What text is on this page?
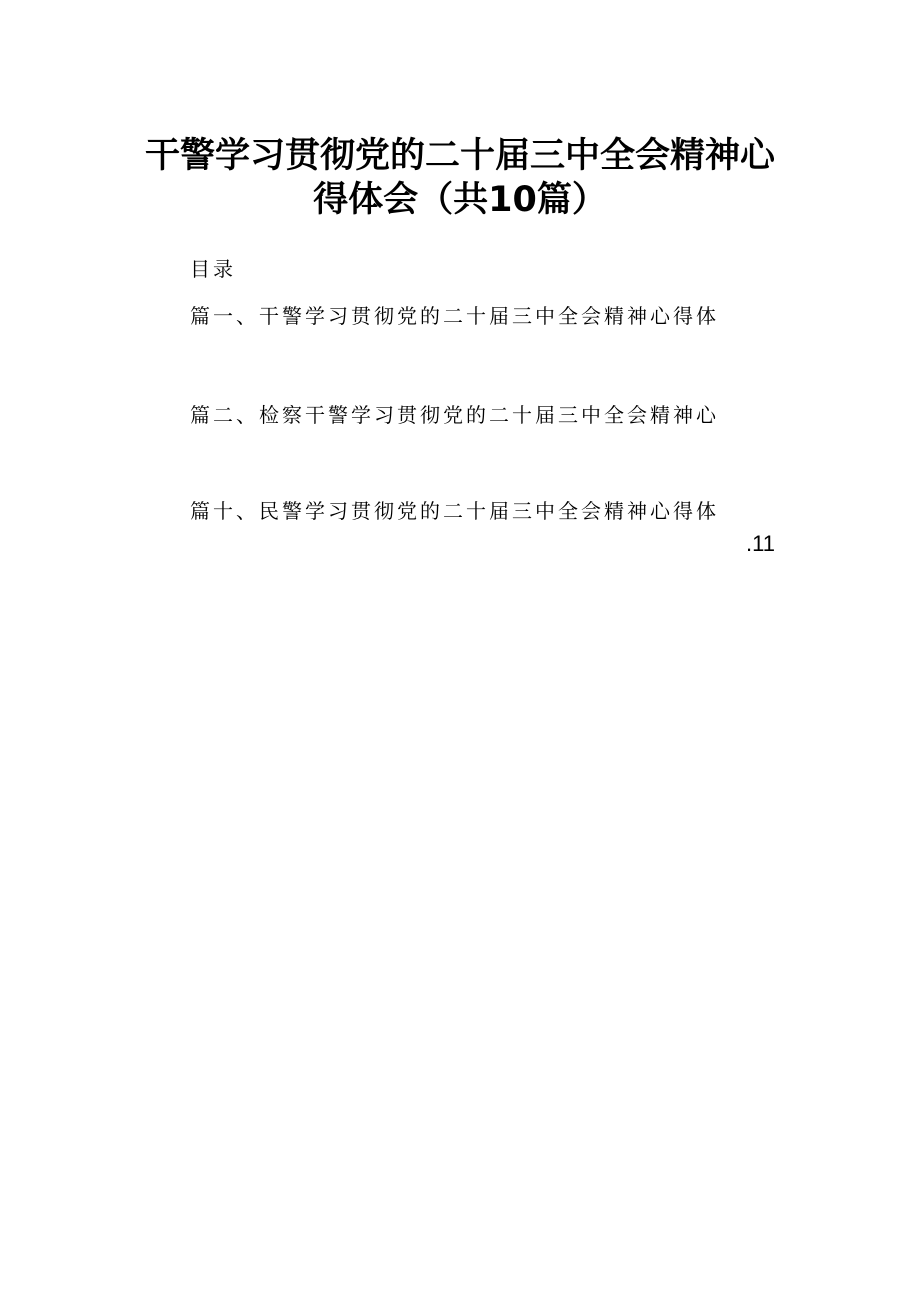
干警学习贯彻党的二十届三中全会精神心
得体会（共10篇）
目录
篇一、干警学习贯彻党的二十届三中全会精神心得体
篇二、检察干警学习贯彻党的二十届三中全会精神心
篇十、民警学习贯彻党的二十届三中全会精神心得体
.11
